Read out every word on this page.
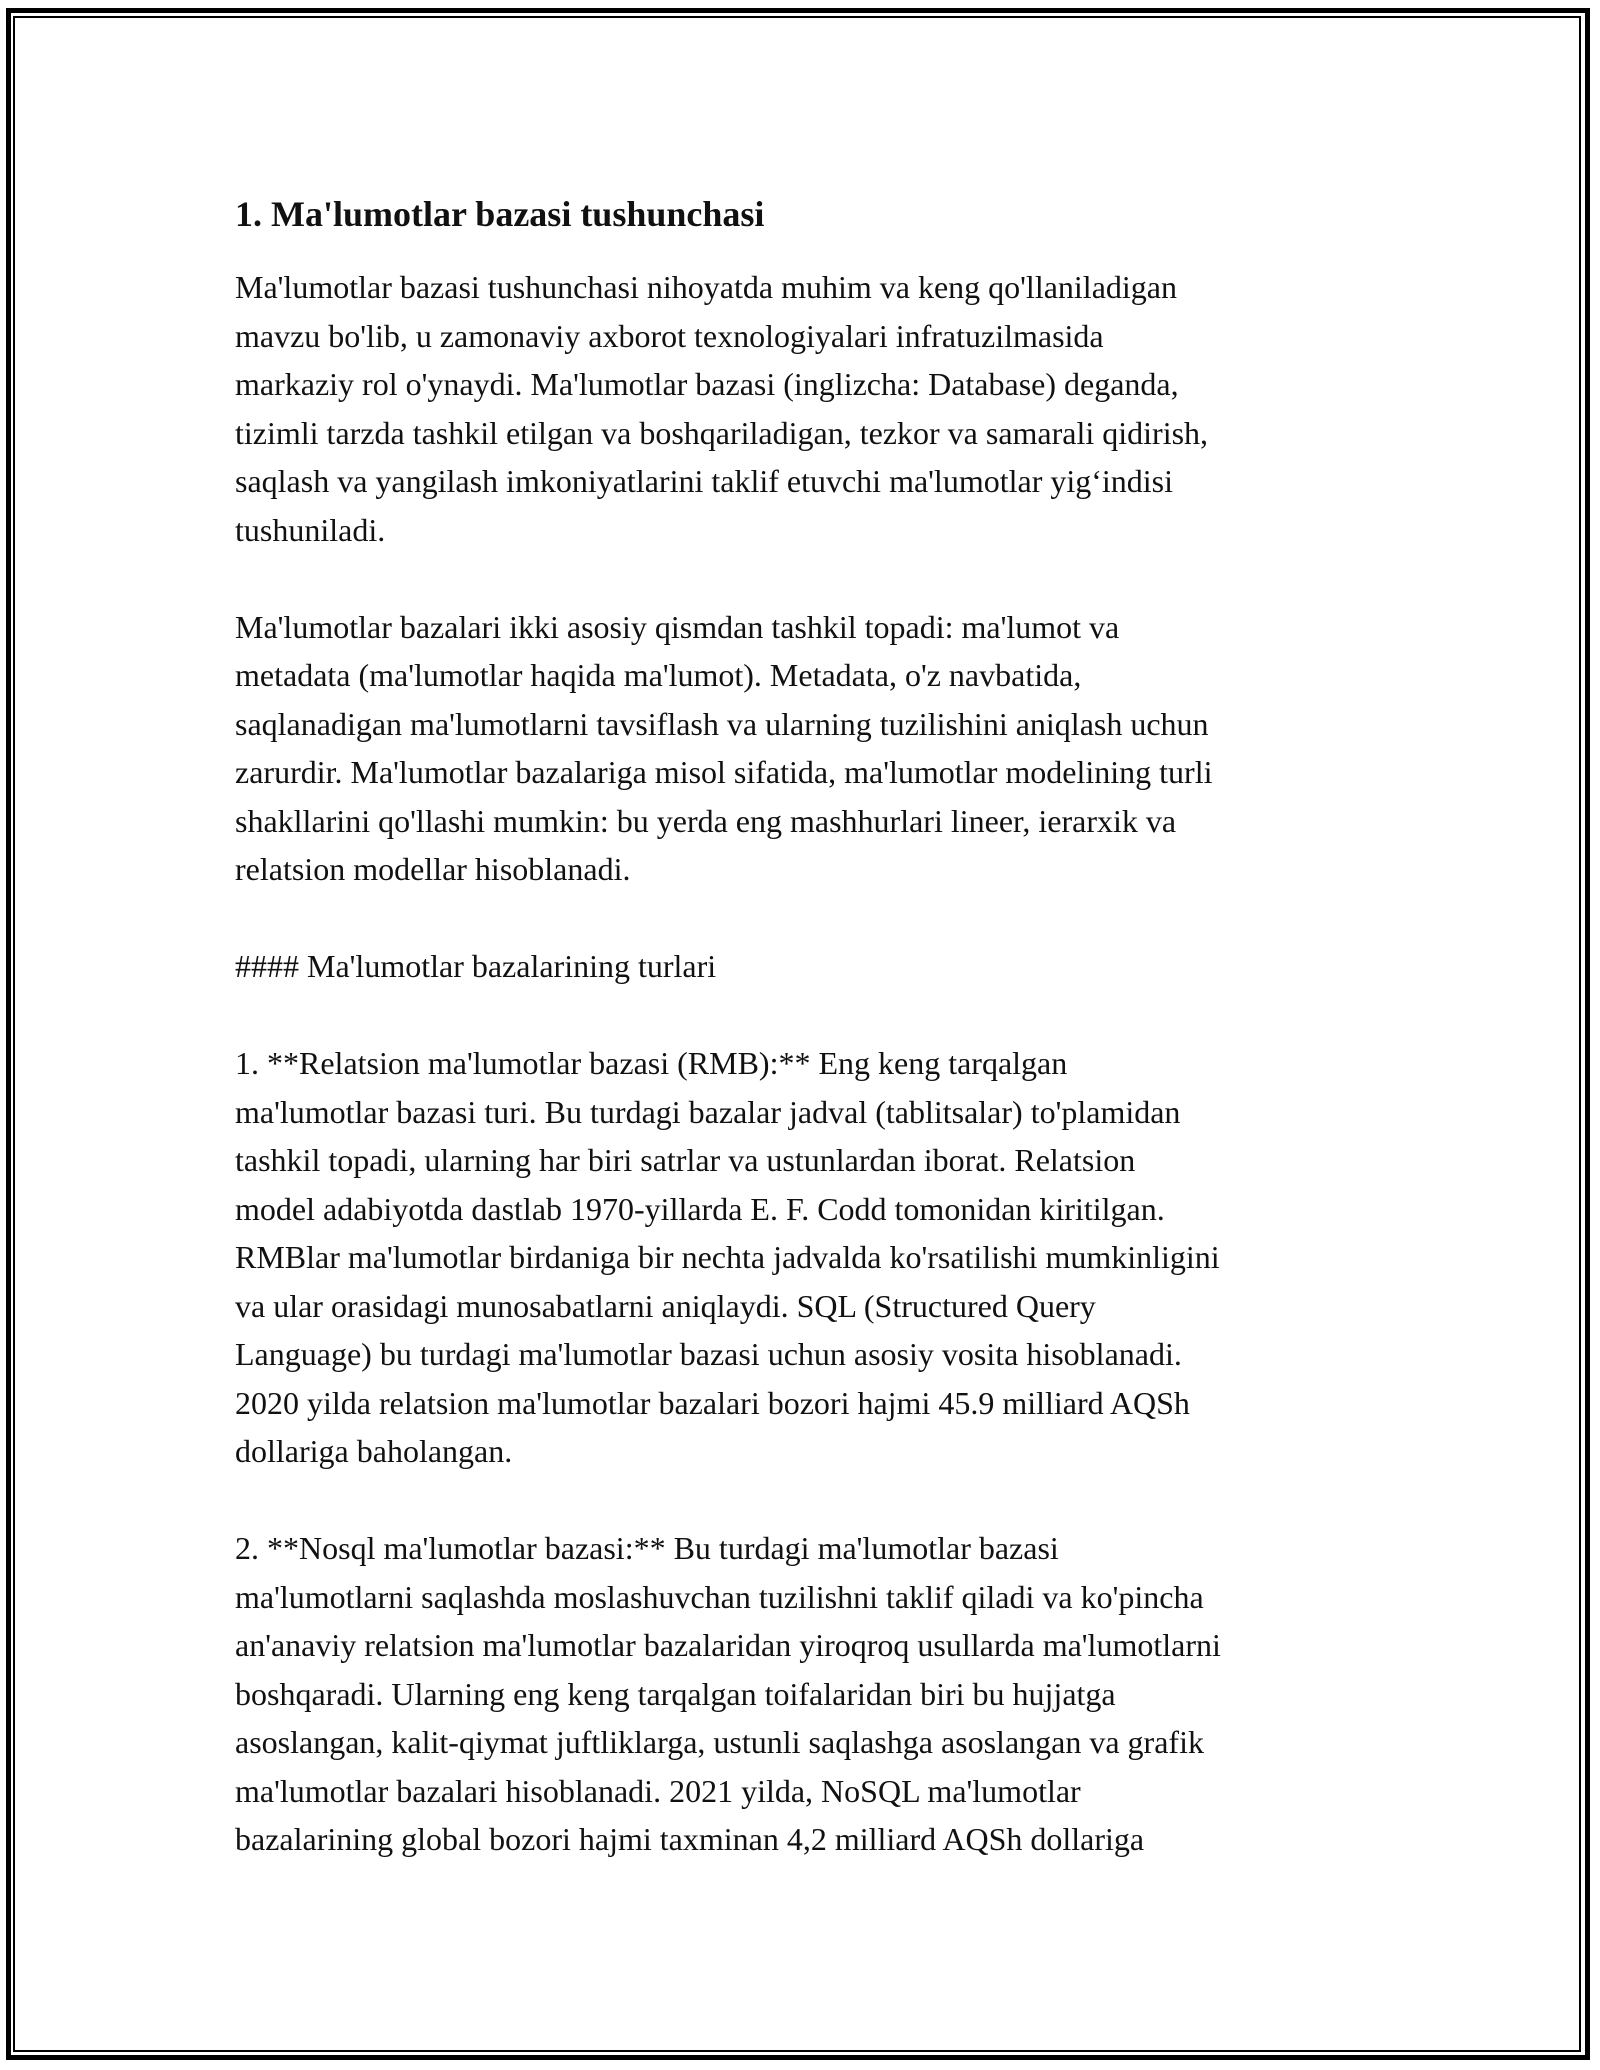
1. Ma'lumotlar bazasi tushunchasi

Ma'lumotlar bazasi tushunchasi nihoyatda muhim va keng qo'llaniladigan
mavzu bo'lib, u zamonaviy axborot texnologiyalari infratuzilmasida
markaziy rol o'ynaydi. Ma'lumotlar bazasi (inglizcha: Database) deganda,
tizimli tarzda tashkil etilgan va boshqariladigan, tezkor va samarali qidirish,
saqlash va yangilash imkoniyatlarini taklif etuvchi ma'lumotlar yig‘indisi
tushuniladi.

Ma'lumotlar bazalari ikki asosiy qismdan tashkil topadi: ma'lumot va
metadata (ma'lumotlar haqida ma'lumot). Metadata, o'z navbatida,
saqlanadigan ma'lumotlarni tavsiflash va ularning tuzilishini aniqlash uchun
zarurdir. Ma'lumotlar bazalariga misol sifatida, ma'lumotlar modelining turli
shakllarini qo'llashi mumkin: bu yerda eng mashhurlari lineer, ierarxik va
relatsion modellar hisoblanadi.

#### Ma'lumotlar bazalarining turlari

1. **Relatsion ma'lumotlar bazasi (RMB):** Eng keng tarqalgan
ma'lumotlar bazasi turi. Bu turdagi bazalar jadval (tablitsalar) to'plamidan
tashkil topadi, ularning har biri satrlar va ustunlardan iborat. Relatsion
model adabiyotda dastlab 1970-yillarda E. F. Codd tomonidan kiritilgan.
RMBlar ma'lumotlar birdaniga bir nechta jadvalda ko'rsatilishi mumkinligini
va ular orasidagi munosabatlarni aniqlaydi. SQL (Structured Query
Language) bu turdagi ma'lumotlar bazasi uchun asosiy vosita hisoblanadi.
2020 yilda relatsion ma'lumotlar bazalari bozori hajmi 45.9 milliard AQSh
dollariga baholangan.

2. **Nosql ma'lumotlar bazasi:** Bu turdagi ma'lumotlar bazasi
ma'lumotlarni saqlashda moslashuvchan tuzilishni taklif qiladi va ko'pincha
an'anaviy relatsion ma'lumotlar bazalaridan yiroqroq usullarda ma'lumotlarni
boshqaradi. Ularning eng keng tarqalgan toifalaridan biri bu hujjatga
asoslangan, kalit-qiymat juftliklarga, ustunli saqlashga asoslangan va grafik
ma'lumotlar bazalari hisoblanadi. 2021 yilda, NoSQL ma'lumotlar
bazalarining global bozori hajmi taxminan 4,2 milliard AQSh dollariga
